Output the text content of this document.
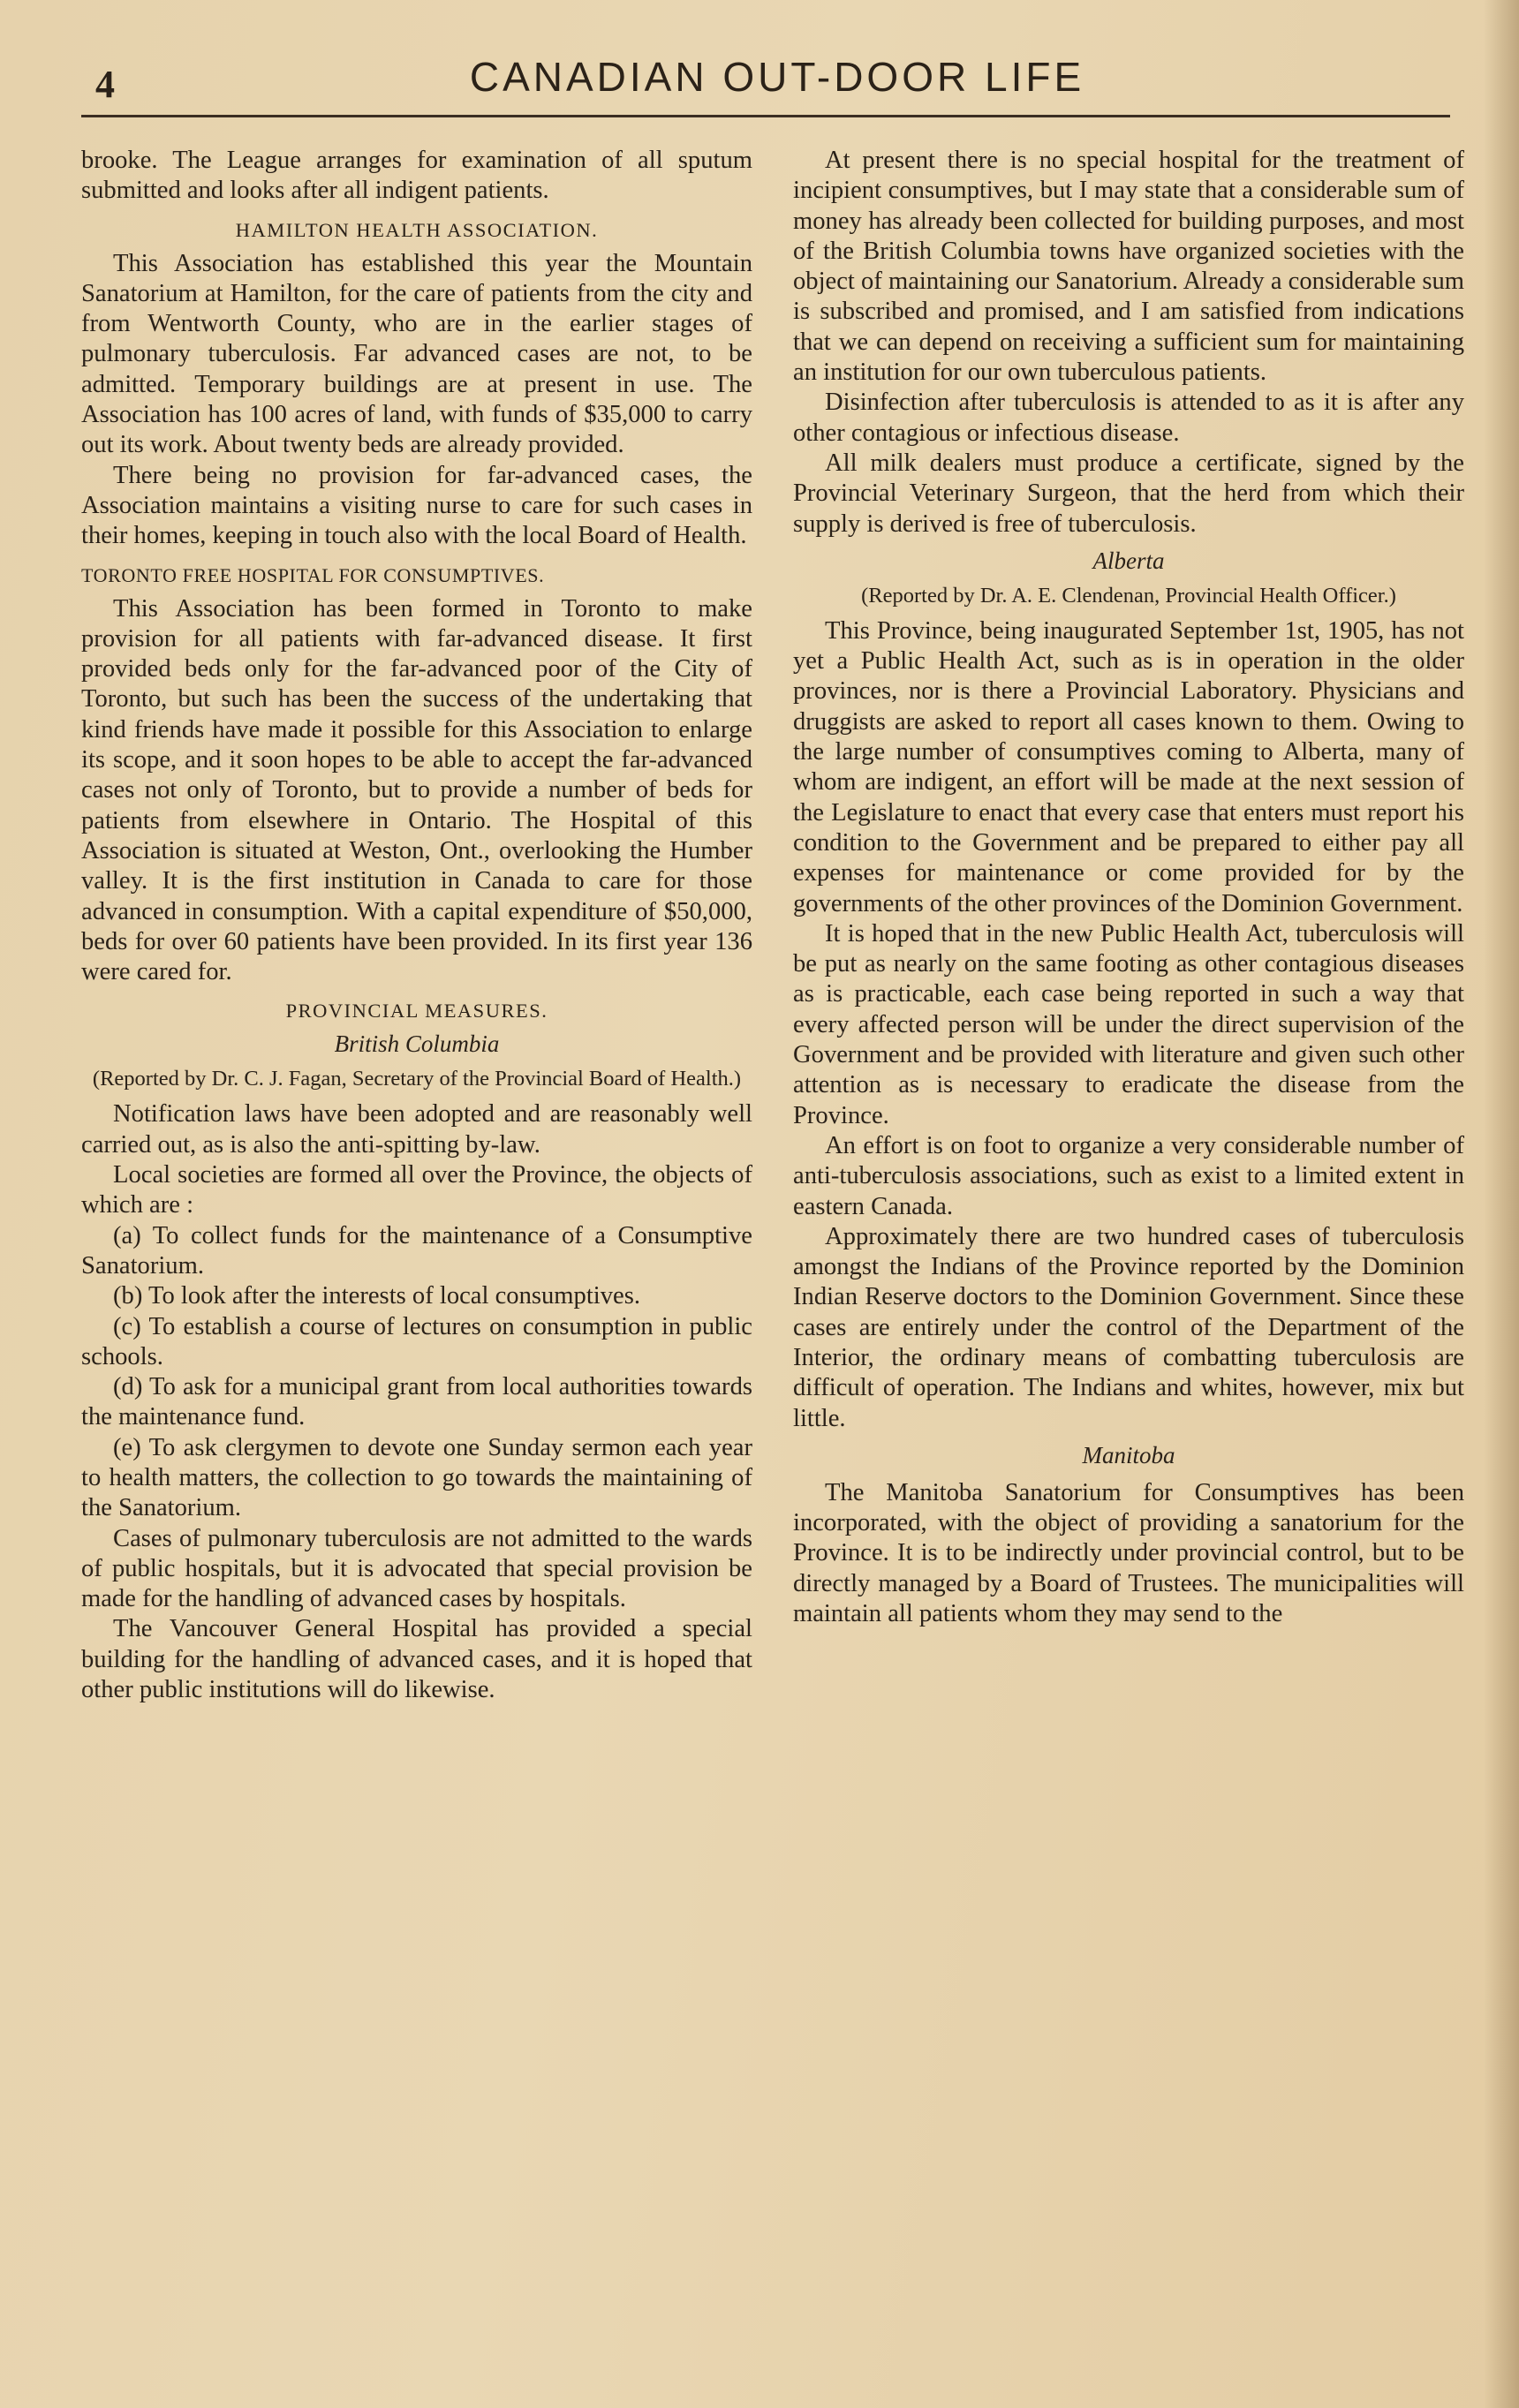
4	CANADIAN OUT-DOOR LIFE

brooke. The League arranges for examination of all sputum submitted and looks after all indigent patients.

HAMILTON HEALTH ASSOCIATION.

This Association has established this year the Mountain Sanatorium at Hamilton, for the care of patients from the city and from Wentworth County, who are in the earlier stages of pulmonary tuberculosis. Far advanced cases are not, to be admitted. Temporary buildings are at present in use. The Association has 100 acres of land, with funds of $35,000 to carry out its work. About twenty beds are already provided.

There being no provision for far-advanced cases, the Association maintains a visiting nurse to care for such cases in their homes, keeping in touch also with the local Board of Health.

TORONTO FREE HOSPITAL FOR CONSUMPTIVES.

This Association has been formed in Toronto to make provision for all patients with far-advanced disease. It first provided beds only for the far-advanced poor of the City of Toronto, but such has been the success of the undertaking that kind friends have made it possible for this Association to enlarge its scope, and it soon hopes to be able to accept the far-advanced cases not only of Toronto, but to provide a number of beds for patients from elsewhere in Ontario. The Hospital of this Association is situated at Weston, Ont., overlooking the Humber valley. It is the first institution in Canada to care for those advanced in consumption. With a capital expenditure of $50,000, beds for over 60 patients have been provided. In its first year 136 were cared for.

PROVINCIAL MEASURES.
British Columbia
(Reported by Dr. C. J. Fagan, Secretary of the Provincial Board of Health.)

Notification laws have been adopted and are reasonably well carried out, as is also the anti-spitting by-law.

Local societies are formed all over the Province, the objects of which are :

(a) To collect funds for the maintenance of a Consumptive Sanatorium.

(b) To look after the interests of local consumptives.

(c) To establish a course of lectures on consumption in public schools.

(d) To ask for a municipal grant from local authorities towards the maintenance fund.

(e) To ask clergymen to devote one Sunday sermon each year to health matters, the collection to go towards the maintaining of the Sanatorium.

Cases of pulmonary tuberculosis are not admitted to the wards of public hospitals, but it is advocated that special provision be made for the handling of advanced cases by hospitals.

The Vancouver General Hospital has provided a special building for the handling of advanced cases, and it is hoped that other public institutions will do likewise.

At present there is no special hospital for the treatment of incipient consumptives, but I may state that a considerable sum of money has already been collected for building purposes, and most of the British Columbia towns have organized societies with the object of maintaining our Sanatorium. Already a considerable sum is subscribed and promised, and I am satisfied from indications that we can depend on receiving a sufficient sum for maintaining an institution for our own tuberculous patients.

Disinfection after tuberculosis is attended to as it is after any other contagious or infectious disease.

All milk dealers must produce a certificate, signed by the Provincial Veterinary Surgeon, that the herd from which their supply is derived is free of tuberculosis.

Alberta
(Reported by Dr. A. E. Clendenan, Provincial Health Officer.)

This Province, being inaugurated September 1st, 1905, has not yet a Public Health Act, such as is in operation in the older provinces, nor is there a Provincial Laboratory. Physicians and druggists are asked to report all cases known to them. Owing to the large number of consumptives coming to Alberta, many of whom are indigent, an effort will be made at the next session of the Legislature to enact that every case that enters must report his condition to the Government and be prepared to either pay all expenses for maintenance or come provided for by the governments of the other provinces of the Dominion Government.

It is hoped that in the new Public Health Act, tuberculosis will be put as nearly on the same footing as other contagious diseases as is practicable, each case being reported in such a way that every affected person will be under the direct supervision of the Government and be provided with literature and given such other attention as is necessary to eradicate the disease from the Province.

An effort is on foot to organize a very considerable number of anti-tuberculosis associations, such as exist to a limited extent in eastern Canada.

Approximately there are two hundred cases of tuberculosis amongst the Indians of the Province reported by the Dominion Indian Reserve doctors to the Dominion Government. Since these cases are entirely under the control of the Department of the Interior, the ordinary means of combatting tuberculosis are difficult of operation. The Indians and whites, however, mix but little.

Manitoba

The Manitoba Sanatorium for Consumptives has been incorporated, with the object of providing a sanatorium for the Province. It is to be indirectly under provincial control, but to be directly managed by a Board of Trustees. The municipalities will maintain all patients whom they may send to the
